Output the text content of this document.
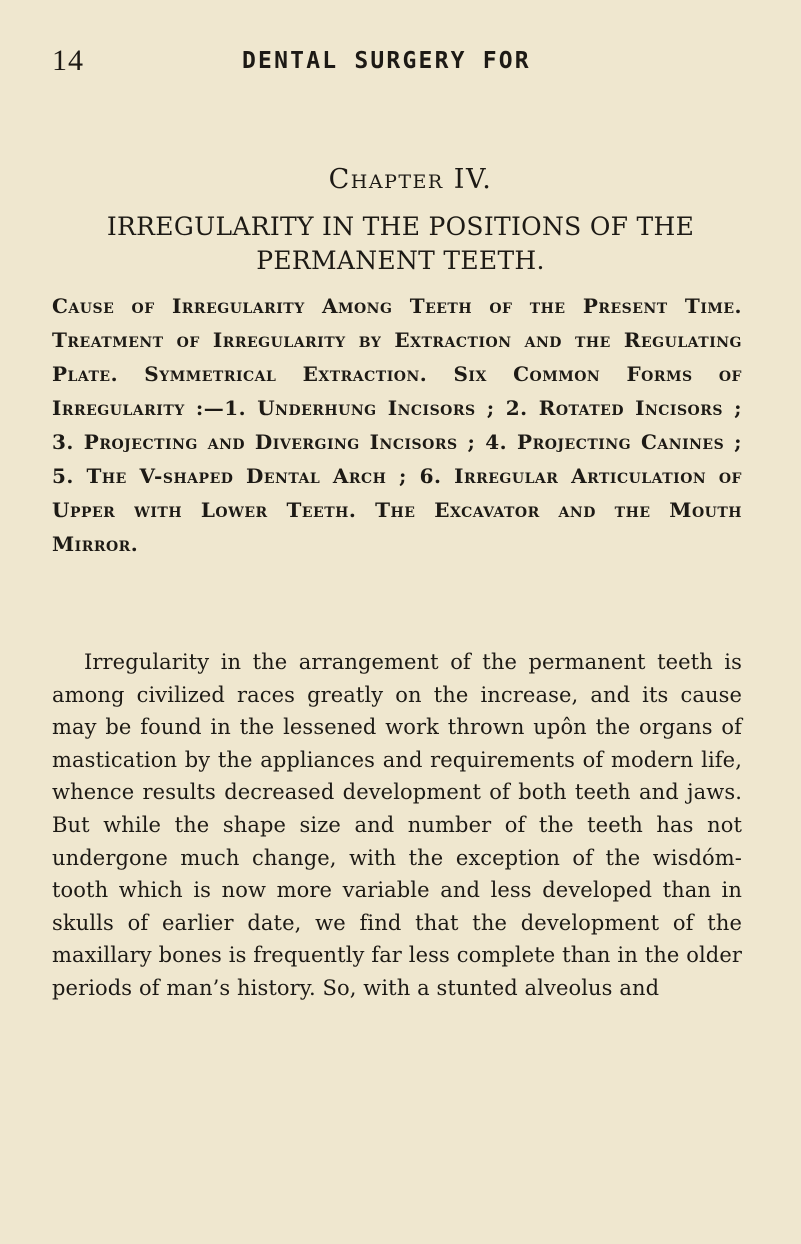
14	DENTAL SURGERY FOR
Chapter IV.
IRREGULARITY IN THE POSITIONS OF THE PERMANENT TEETH.
Cause of Irregularity Among Teeth of the Present Time. Treatment of Irregularity by Extraction and the Regulating Plate. Symmetrical Extraction. Six Common Forms of Irregularity :—1. Underhung Incisors ; 2. Rotated Incisors ; 3. Projecting and Diverging Incisors ; 4. Projecting Canines ; 5. The V-shaped Dental Arch ; 6. Irregular Articulation of Upper with Lower Teeth. The Excavator and the Mouth Mirror.
Irregularity in the arrangement of the permanent teeth is among civilized races greatly on the increase, and its cause may be found in the lessened work thrown upôn the organs of mastication by the appliances and requirements of modern life, whence results decreased development of both teeth and jaws. But while the shape size and number of the teeth has not undergone much change, with the exception of the wisdóm-tooth which is now more variable and less developed than in skulls of earlier date, we find that the development of the maxillary bones is frequently far less complete than in the older periods of man’s history. So, with a stunted alveolus and
